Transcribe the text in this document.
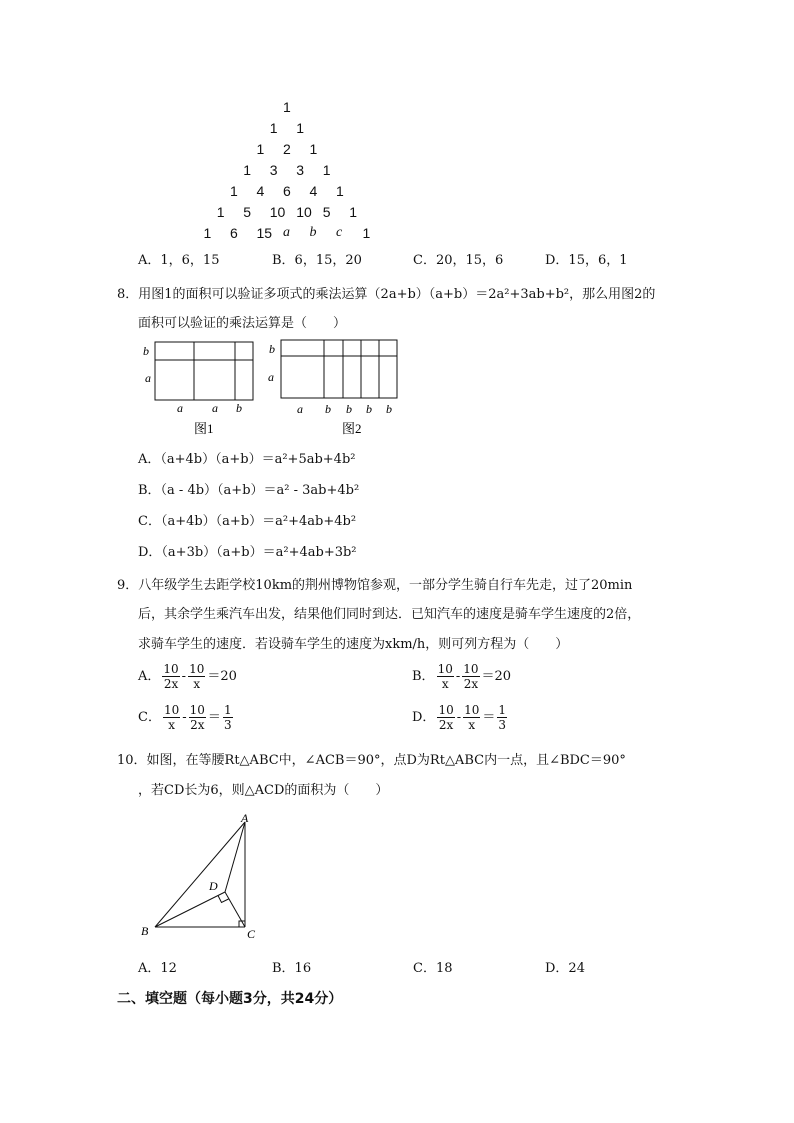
1
1 1
1 2 1
1 3 3 1
1 4 6 4 1
1 5 10 10 5 1
1 6 15 a b c 1
A．1，6，15	B．6，15，20	C．20，15，6	D．15，6，1
8．用图1的面积可以验证多项式的乘法运算（2a+b）（a+b）＝2a²+3ab+b²，那么用图2的
面积可以验证的乘法运算是（　　）
b
a
a a b
图1
b
a
a b b b b
图2
A．（a+4b）（a+b）＝a²+5ab+4b²
B．（a - 4b）（a+b）＝a² - 3ab+4b²
C．（a+4b）（a+b）＝a²+4ab+4b²
D．（a+3b）（a+b）＝a²+4ab+3b²
9．八年级学生去距学校10km的荆州博物馆参观，一部分学生骑自行车先走，过了20min
后，其余学生乘汽车出发，结果他们同时到达．已知汽车的速度是骑车学生速度的2倍，
求骑车学生的速度．若设骑车学生的速度为xkm/h，则可列方程为（　　）
A． $\frac{10}{2x} - \frac{10}{x} =20$	B． $\frac{10}{x} - \frac{10}{2x} =20$
C． $\frac{10}{x} - \frac{10}{2x} = \frac{1}{3}$	D． $\frac{10}{2x} - \frac{10}{x} = \frac{1}{3}$
10．如图，在等腰Rt△ABC中，∠ACB＝90°，点D为Rt△ABC内一点，且∠BDC＝90°
，若CD长为6，则△ACD的面积为（　　）
A
B	C
D
A．12	B．16	C．18	D．24
二、填空题（每小题3分，共24分）
